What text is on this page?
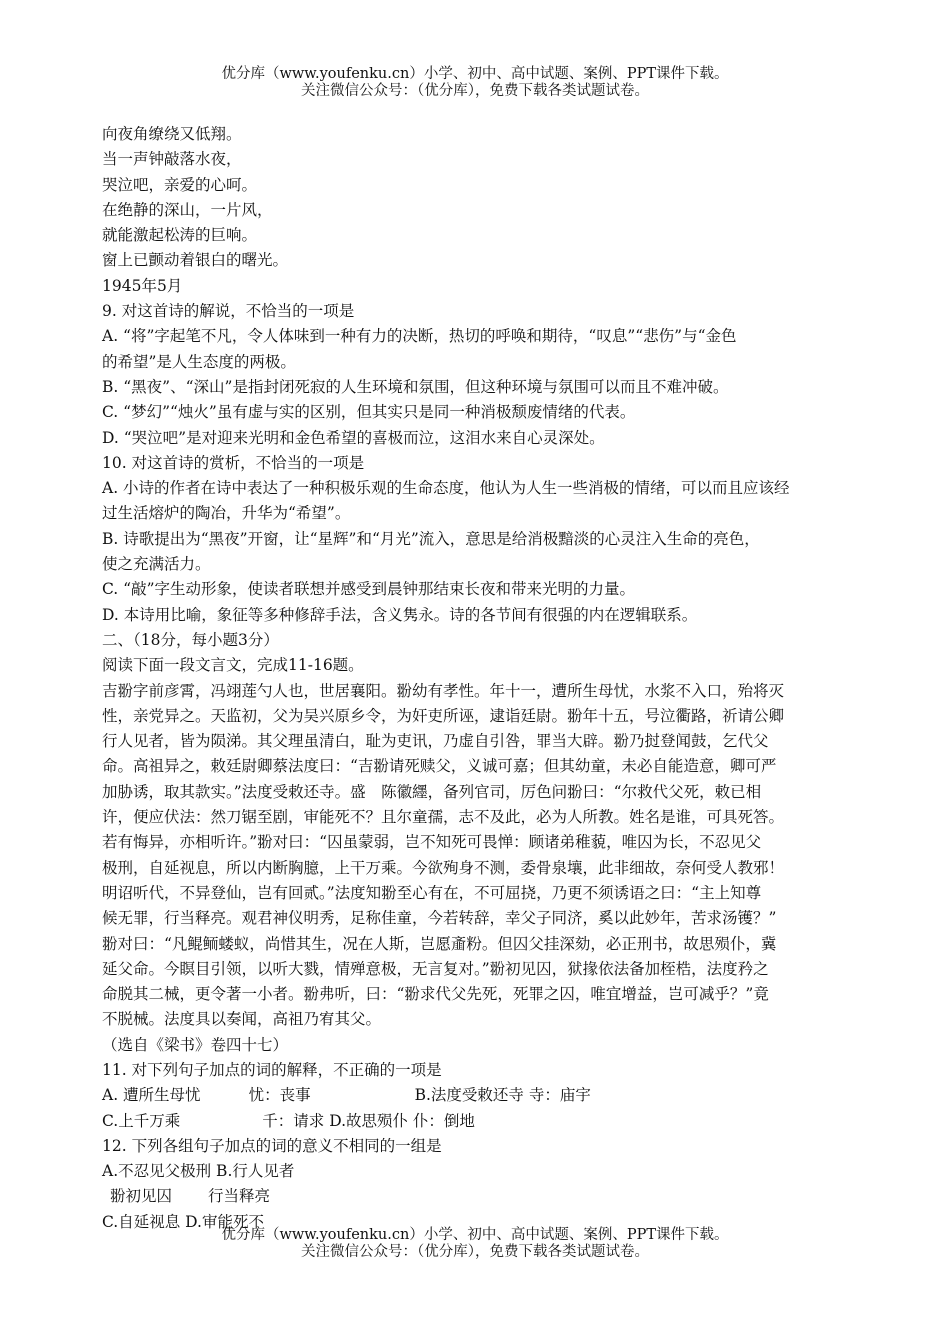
优分库（www.youfenku.cn）小学、初中、高中试题、案例、PPT课件下载。
关注微信公众号：（优分库），免费下载各类试题试卷。
向夜角缭绕又低翔。
当一声钟敲落水夜，
哭泣吧，亲爱的心呵。
在绝静的深山，一片风，
就能激起松涛的巨响。
窗上已颤动着银白的曙光。
1945年5月
9. 对这首诗的解说，不恰当的一项是
A. “将”字起笔不凡，令人体味到一种有力的决断，热切的呼唤和期待，“叹息”“悲伤”与“金色
的希望”是人生态度的两极。
B. “黑夜”、“深山”是指封闭死寂的人生环境和氛围，但这种环境与氛围可以而且不难冲破。
C. “梦幻”“烛火”虽有虚与实的区别，但其实只是同一种消极颓废情绪的代表。
D. “哭泣吧”是对迎来光明和金色希望的喜极而泣，这泪水来自心灵深处。
10. 对这首诗的赏析，不恰当的一项是
A. 小诗的作者在诗中表达了一种积极乐观的生命态度，他认为人生一些消极的情绪，可以而且应该经
过生活熔炉的陶冶，升华为“希望”。
B. 诗歌提出为“黑夜”开窗，让“星辉”和“月光”流入，意思是给消极黯淡的心灵注入生命的亮色，
使之充满活力。
C. “敲”字生动形象，使读者联想并感受到晨钟那结束长夜和带来光明的力量。
D. 本诗用比喻，象征等多种修辞手法，含义隽永。诗的各节间有很强的内在逻辑联系。
二、（18分，每小题3分）
阅读下面一段文言文，完成11-16题。
吉翂字前彦霄，冯翊莲勺人也，世居襄阳。翂幼有孝性。年十一，遭所生母忧，水浆不入口，殆将灭
性，亲党异之。天监初，父为吴兴原乡令，为奸吏所诬，逮诣廷尉。翂年十五，号泣衢路，祈请公卿
行人见者，皆为陨涕。其父理虽清白，耻为吏讯，乃虚自引咎，罪当大辟。翂乃挝登闻鼓，乞代父
命。高祖异之，敕廷尉卿蔡法度曰：“吉翂请死赎父，义诚可嘉；但其幼童，未必自能造意，卿可严
加胁诱，取其款实。”法度受敕还寺。盛　陈徽纆，备列官司，厉色问翂曰：“尔救代父死，敕已相
许，便应伏法：然刀锯至剧，审能死不？且尔童孺，志不及此，必为人所教。姓名是谁，可具死答。
若有悔异，亦相听许。”翂对曰：“囚虽蒙弱，岂不知死可畏惮：顾诸弟稚藐，唯囚为长，不忍见父
极刑，自延视息，所以内断胸臆，上干万乘。今欲殉身不测，委骨泉壤，此非细故，奈何受人教邪！
明诏听代，不异登仙，岂有回贰。”法度知翂至心有在，不可屈挠，乃更不须诱语之曰：“主上知尊
候无罪，行当释亮。观君神仪明秀，足称佳童，今若转辞，幸父子同济，奚以此妙年，苦求汤镬？”
翂对曰：“凡鲲鲕蝼蚁，尚惜其生，况在人斯，岂愿齑粉。但囚父挂深劾，必正刑书，故思殒仆，冀
延父命。今瞑目引领，以听大戮，情殚意极，无言复对。”翂初见囚，狱掾依法备加桎梏，法度矜之
命脱其二械，更令著一小者。翂弗听，曰：“翂求代父先死，死罪之囚，唯宜增益，岂可减乎？”竟
不脱械。法度具以奏闻，高祖乃宥其父。
（选自《梁书》卷四十七）
11. 对下列句子加点的词的解释，不正确的一项是
A. 遭所生母忧	忧：丧事	B.法度受敕还寺 寺：庙宇
C.上千万乘	千：请求 D.故思殒仆 仆：倒地
12. 下列各组句子加点的词的意义不相同的一组是
A.不忍见父极刑 B.行人见者
翂初见囚 行当释亮
C.自延视息 D.审能死不
优分库（www.youfenku.cn）小学、初中、高中试题、案例、PPT课件下载。
关注微信公众号：（优分库），免费下载各类试题试卷。
